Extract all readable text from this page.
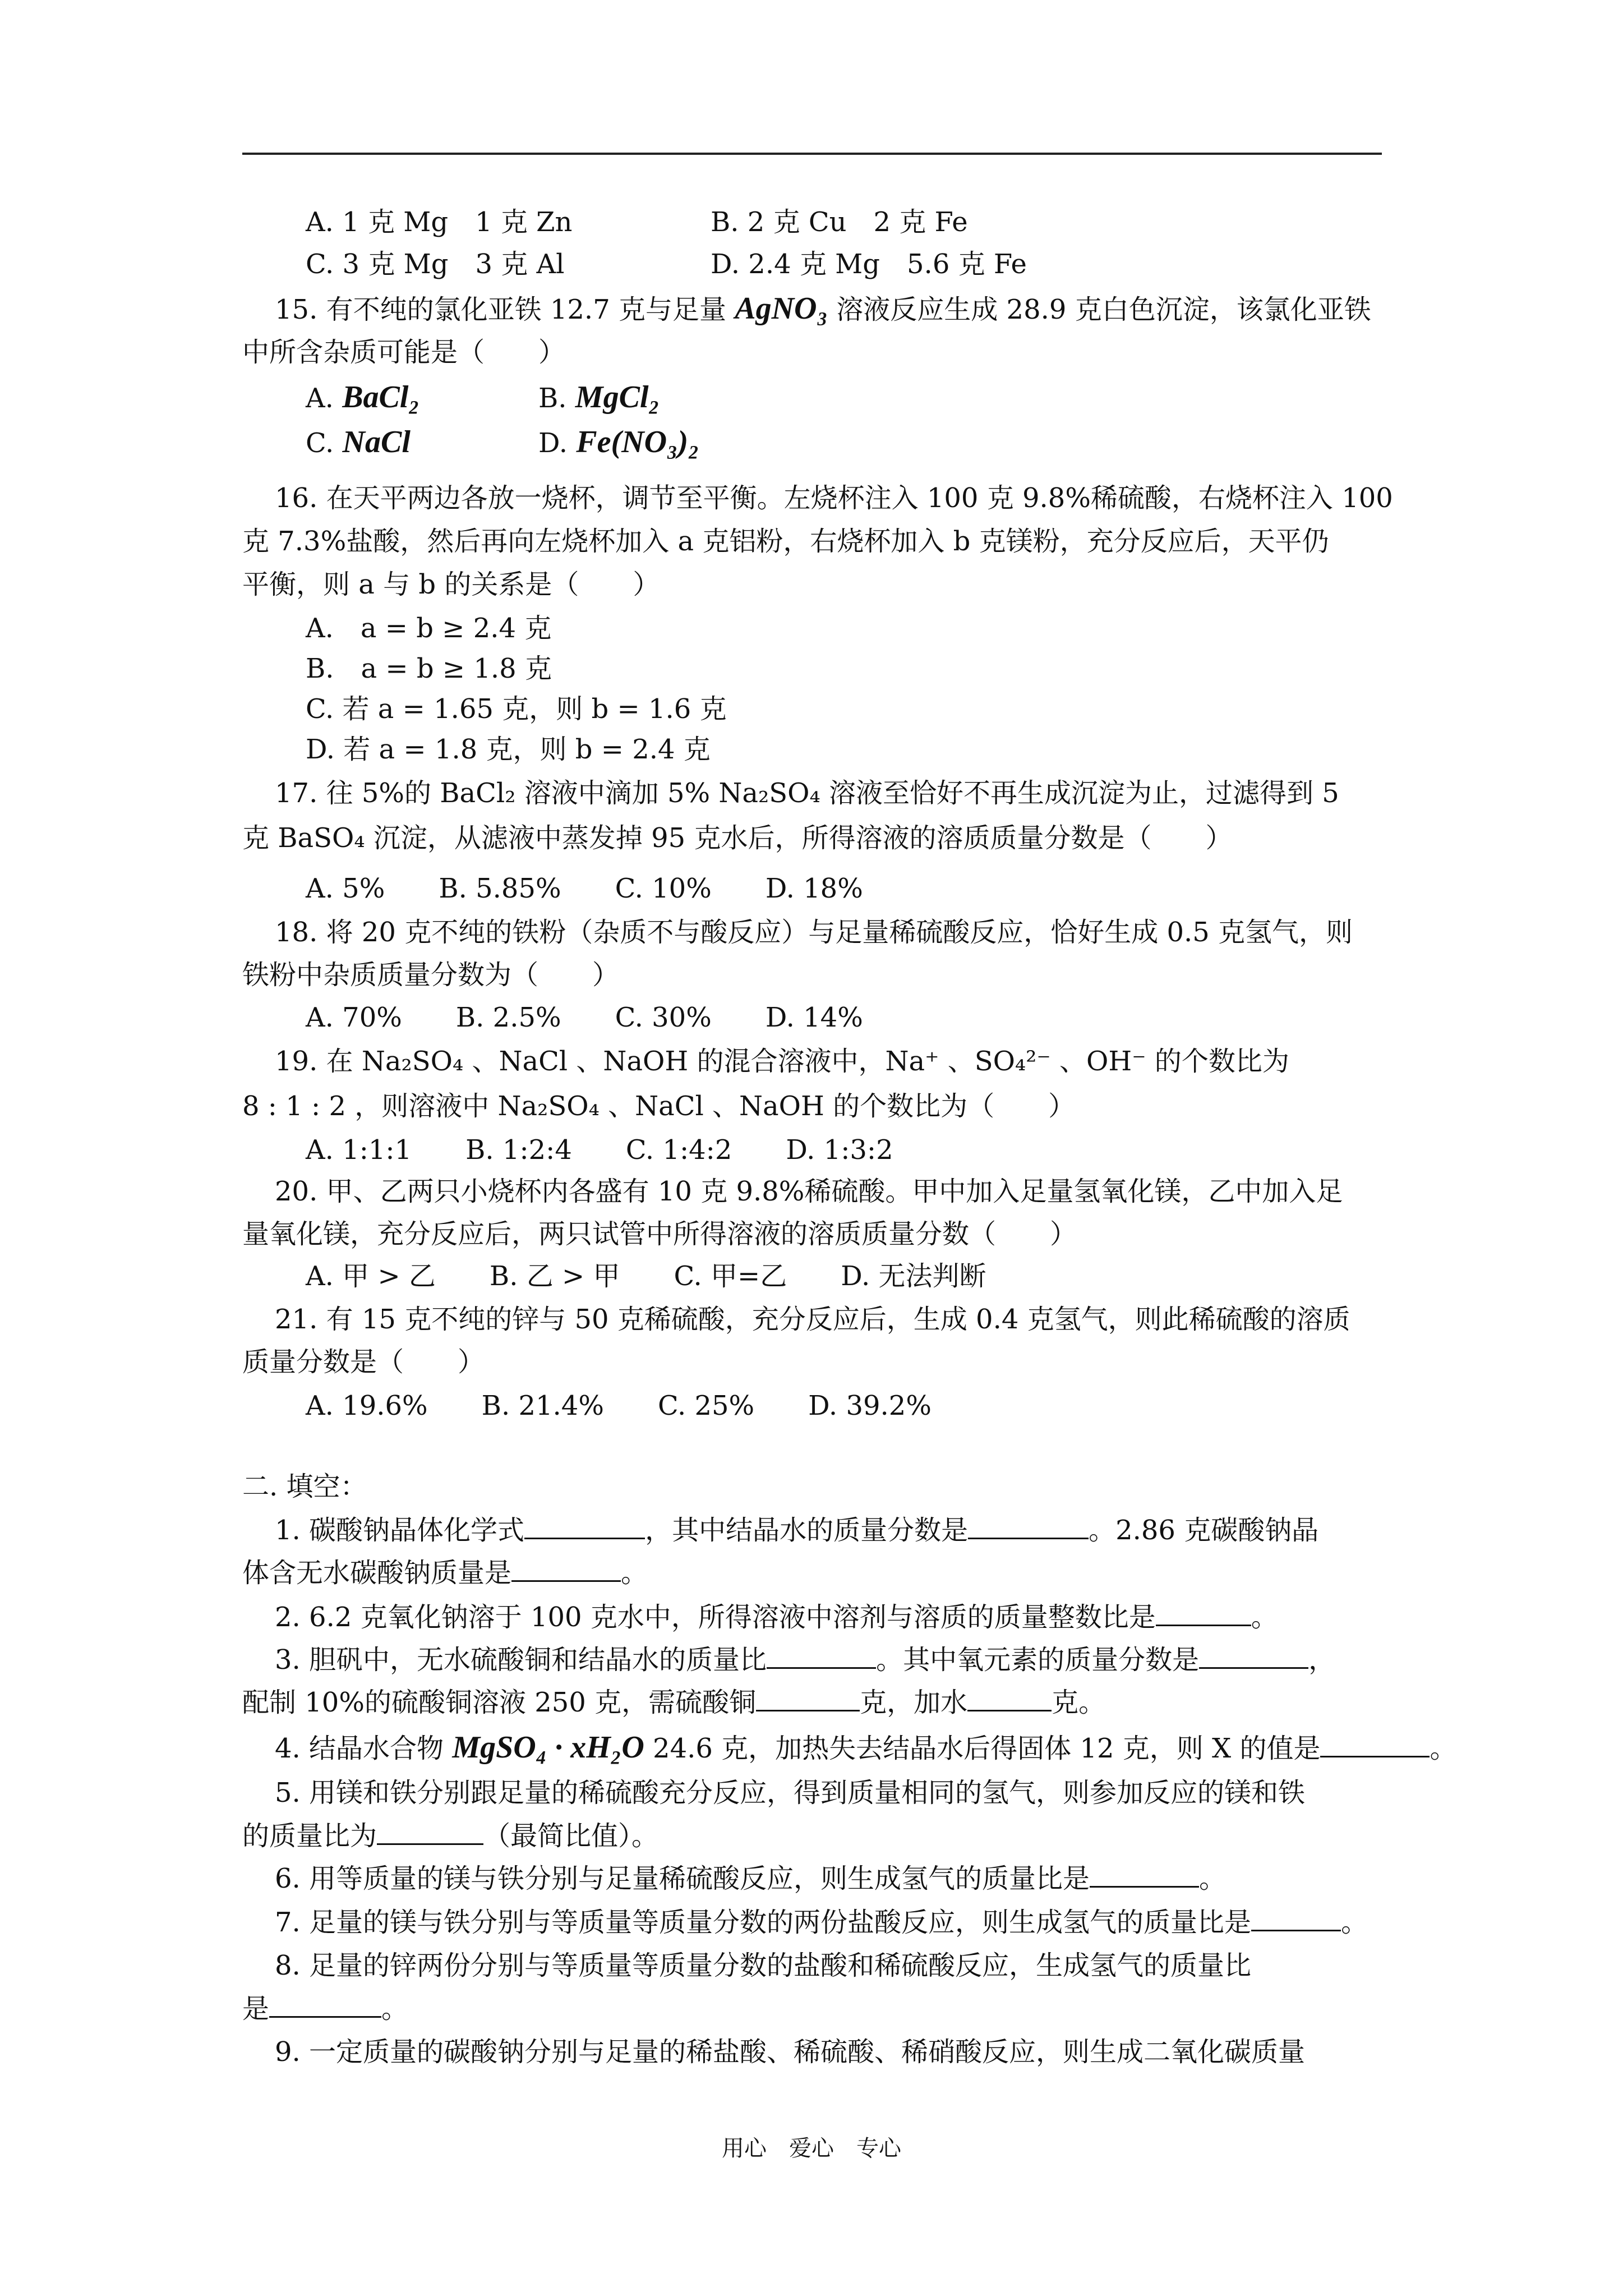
A. 1 克 Mg　1 克 Zn	B. 2 克 Cu　2 克 Fe
C. 3 克 Mg　3 克 Al	D. 2.4 克 Mg　5.6 克 Fe
15. 有不纯的氯化亚铁 12.7 克与足量 AgNO₃ 溶液反应生成 28.9 克白色沉淀，该氯化亚铁
中所含杂质可能是（　　）
A. BaCl₂	B. MgCl₂
C. NaCl	D. Fe(NO₃)₂
16. 在天平两边各放一烧杯，调节至平衡。左烧杯注入 100 克 9.8%稀硫酸，右烧杯注入 100
克 7.3%盐酸，然后再向左烧杯加入 a 克铝粉，右烧杯加入 b 克镁粉，充分反应后，天平仍
平衡，则 a 与 b 的关系是（　　）
A.　a = b ≥ 2.4 克
B.　a = b ≥ 1.8 克
C. 若 a = 1.65 克，则 b = 1.6 克
D. 若 a = 1.8 克，则 b = 2.4 克
17. 往 5%的 BaCl₂ 溶液中滴加 5% Na₂SO₄ 溶液至恰好不再生成沉淀为止，过滤得到 5
克 BaSO₄ 沉淀，从滤液中蒸发掉 95 克水后，所得溶液的溶质质量分数是（　　）
A. 5%　　B. 5.85%　　C. 10%　　D. 18%
18. 将 20 克不纯的铁粉（杂质不与酸反应）与足量稀硫酸反应，恰好生成 0.5 克氢气，则
铁粉中杂质质量分数为（　　）
A. 70%　　B. 2.5%　　C. 30%　　D. 14%
19. 在 Na₂SO₄ 、NaCl 、NaOH 的混合溶液中，Na⁺ 、SO₄²⁻ 、OH⁻ 的个数比为
8 : 1 : 2 ，则溶液中 Na₂SO₄ 、NaCl 、NaOH 的个数比为（　　）
A. 1:1:1　　B. 1:2:4　　C. 1:4:2　　D. 1:3:2
20. 甲、乙两只小烧杯内各盛有 10 克 9.8%稀硫酸。甲中加入足量氢氧化镁，乙中加入足
量氧化镁，充分反应后，两只试管中所得溶液的溶质质量分数（　　）
A. 甲 > 乙　　B. 乙 > 甲　　C. 甲=乙　　D. 无法判断
21. 有 15 克不纯的锌与 50 克稀硫酸，充分反应后，生成 0.4 克氢气，则此稀硫酸的溶质
质量分数是（　　）
A. 19.6%　　B. 21.4%　　C. 25%　　D. 39.2%
二. 填空：
1. 碳酸钠晶体化学式	，其中结晶水的质量分数是	。2.86 克碳酸钠晶
体含无水碳酸钠质量是	。
2. 6.2 克氧化钠溶于 100 克水中，所得溶液中溶剂与溶质的质量整数比是	。
3. 胆矾中，无水硫酸铜和结晶水的质量比	。其中氧元素的质量分数是	，
配制 10%的硫酸铜溶液 250 克，需硫酸铜	克，加水	克。
4. 结晶水合物 MgSO₄ · xH₂O 24.6 克，加热失去结晶水后得固体 12 克，则 X 的值是	。
5. 用镁和铁分别跟足量的稀硫酸充分反应，得到质量相同的氢气，则参加反应的镁和铁
的质量比为	（最简比值）。
6. 用等质量的镁与铁分别与足量稀硫酸反应，则生成氢气的质量比是	。
7. 足量的镁与铁分别与等质量等质量分数的两份盐酸反应，则生成氢气的质量比是	。
8. 足量的锌两份分别与等质量等质量分数的盐酸和稀硫酸反应，生成氢气的质量比
是	。
9. 一定质量的碳酸钠分别与足量的稀盐酸、稀硫酸、稀硝酸反应，则生成二氧化碳质量
用心　爱心　专心
